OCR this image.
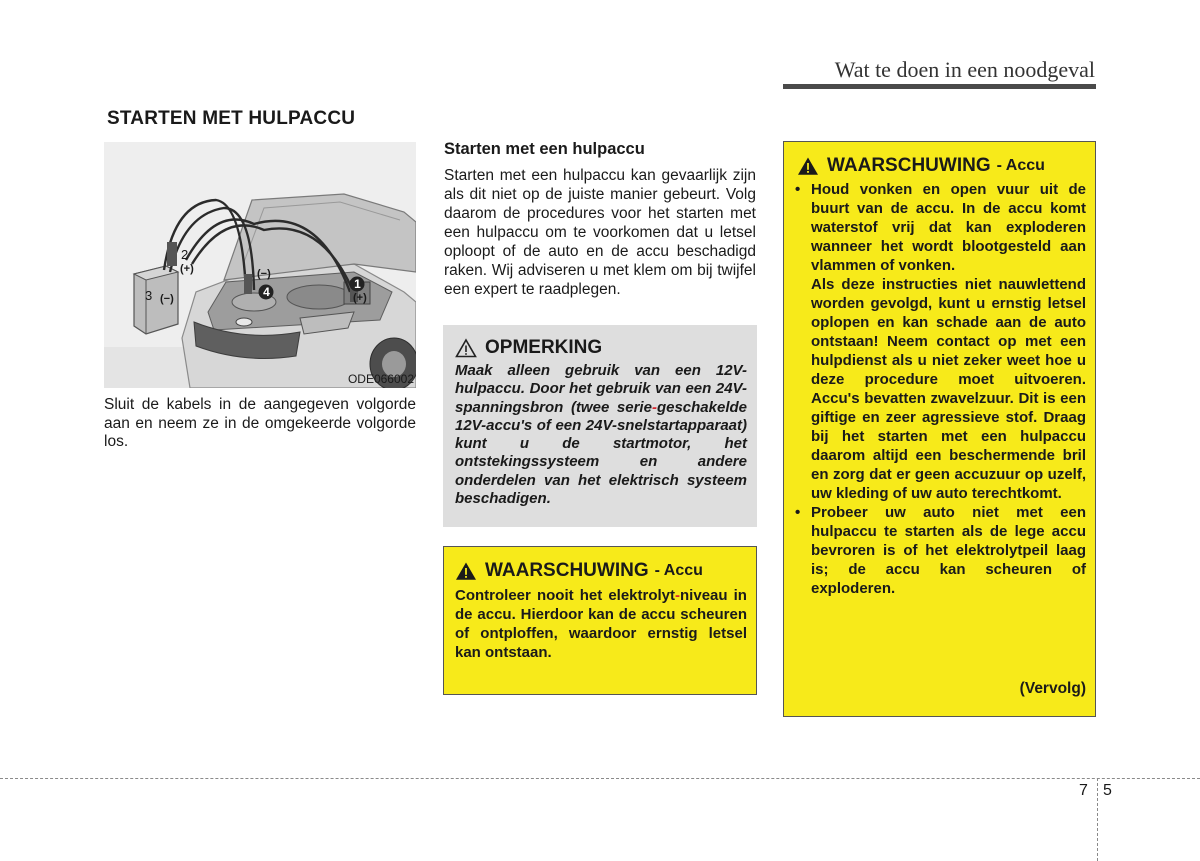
Wat te doen in een noodgeval
STARTEN MET HULPACCU
1
(+)
2
(+)
3 (−)	4
(−)
ODE066002
Sluit de kabels in de aangegeven volgorde aan en neem ze in de omgekeerde volgorde los.
Starten met een hulpaccu
Starten met een hulpaccu kan gevaarlijk zijn als dit niet op de juiste manier gebeurt. Volg daarom de procedures voor het starten met een hulpaccu om te voorkomen dat u letsel oploopt of de auto en de accu beschadigd raken. Wij adviseren u met klem om bij twijfel een expert te raadplegen.
OPMERKING
Maak alleen gebruik van een 12V-hulpaccu. Door het gebruik van een 24V-spanningsbron (twee serie-geschakelde 12V-accu's of een 24V-snelstartapparaat) kunt u de startmotor, het ontstekingssysteem en andere onderdelen van het elektrisch systeem beschadigen.
WAARSCHUWING - Accu
Controleer nooit het elektrolyt-niveau in de accu. Hierdoor kan de accu scheuren of ontploffen, waardoor ernstig letsel kan ontstaan.
WAARSCHUWING - Accu
• Houd vonken en open vuur uit de buurt van de accu. In de accu komt waterstof vrij dat kan exploderen wanneer het wordt blootgesteld aan vlammen of vonken.
Als deze instructies niet nauwlettend worden gevolgd, kunt u ernstig letsel oplopen en kan schade aan de auto ontstaan! Neem contact op met een hulpdienst als u niet zeker weet hoe u deze procedure moet uitvoeren. Accu's bevatten zwavelzuur. Dit is een giftige en zeer agressieve stof. Draag bij het starten met een hulpaccu daarom altijd een beschermende bril en zorg dat er geen accuzuur op uzelf, uw kleding of uw auto terechtkomt.
• Probeer uw auto niet met een hulpaccu te starten als de lege accu bevroren is of het elektrolytpeil laag is; de accu kan scheuren of exploderen.
(Vervolg)
7 5
